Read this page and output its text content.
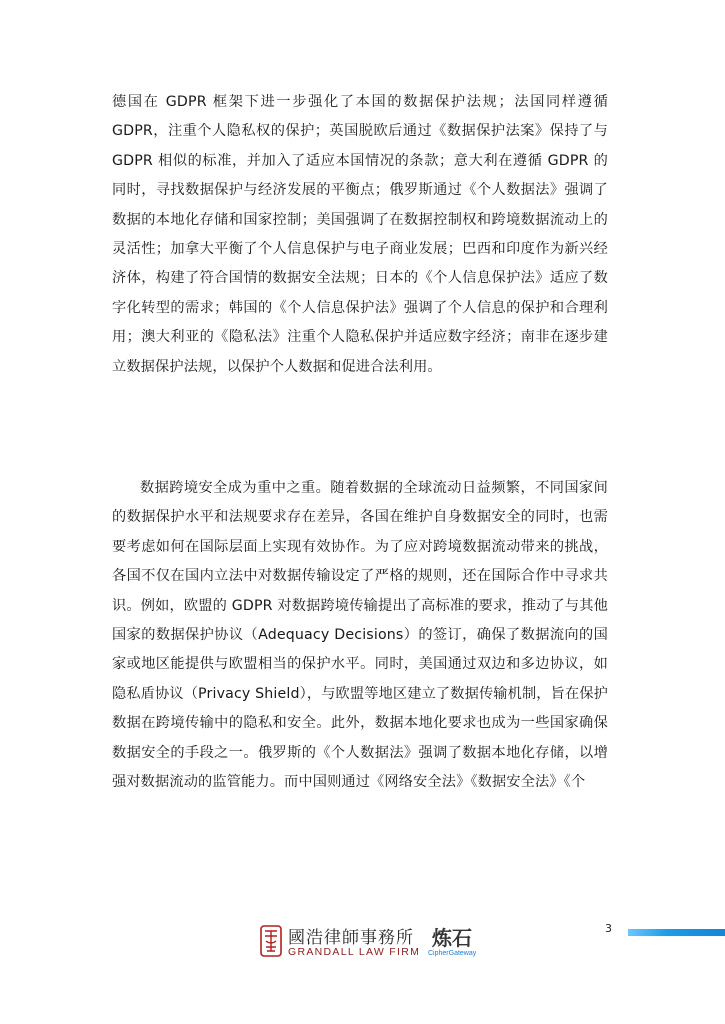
德国在 GDPR 框架下进一步强化了本国的数据保护法规；法国同样遵循 GDPR，注重个人隐私权的保护；英国脱欧后通过《数据保护法案》保持了与 GDPR 相似的标准，并加入了适应本国情况的条款；意大利在遵循 GDPR 的同时，寻找数据保护与经济发展的平衡点；俄罗斯通过《个人数据法》强调了数据的本地化存储和国家控制；美国强调了在数据控制权和跨境数据流动上的灵活性；加拿大平衡了个人信息保护与电子商业发展；巴西和印度作为新兴经济体，构建了符合国情的数据安全法规；日本的《个人信息保护法》适应了数字化转型的需求；韩国的《个人信息保护法》强调了个人信息的保护和合理利用；澳大利亚的《隐私法》注重个人隐私保护并适应数字经济；南非在逐步建立数据保护法规，以保护个人数据和促进合法利用。

数据跨境安全成为重中之重。随着数据的全球流动日益频繁，不同国家间的数据保护水平和法规要求存在差异，各国在维护自身数据安全的同时，也需要考虑如何在国际层面上实现有效协作。为了应对跨境数据流动带来的挑战，各国不仅在国内立法中对数据传输设定了严格的规则，还在国际合作中寻求共识。例如，欧盟的 GDPR 对数据跨境传输提出了高标准的要求，推动了与其他国家的数据保护协议（Adequacy Decisions）的签订，确保了数据流向的国家或地区能提供与欧盟相当的保护水平。同时，美国通过双边和多边协议，如隐私盾协议（Privacy Shield），与欧盟等地区建立了数据传输机制，旨在保护数据在跨境传输中的隐私和安全。此外，数据本地化要求也成为一些国家确保数据安全的手段之一。俄罗斯的《个人数据法》强调了数据本地化存储，以增强对数据流动的监管能力。而中国则通过《网络安全法》《数据安全法》《个

國浩律師事務所
GRANDALL LAW FIRM
炼石
CipherGateway
3
